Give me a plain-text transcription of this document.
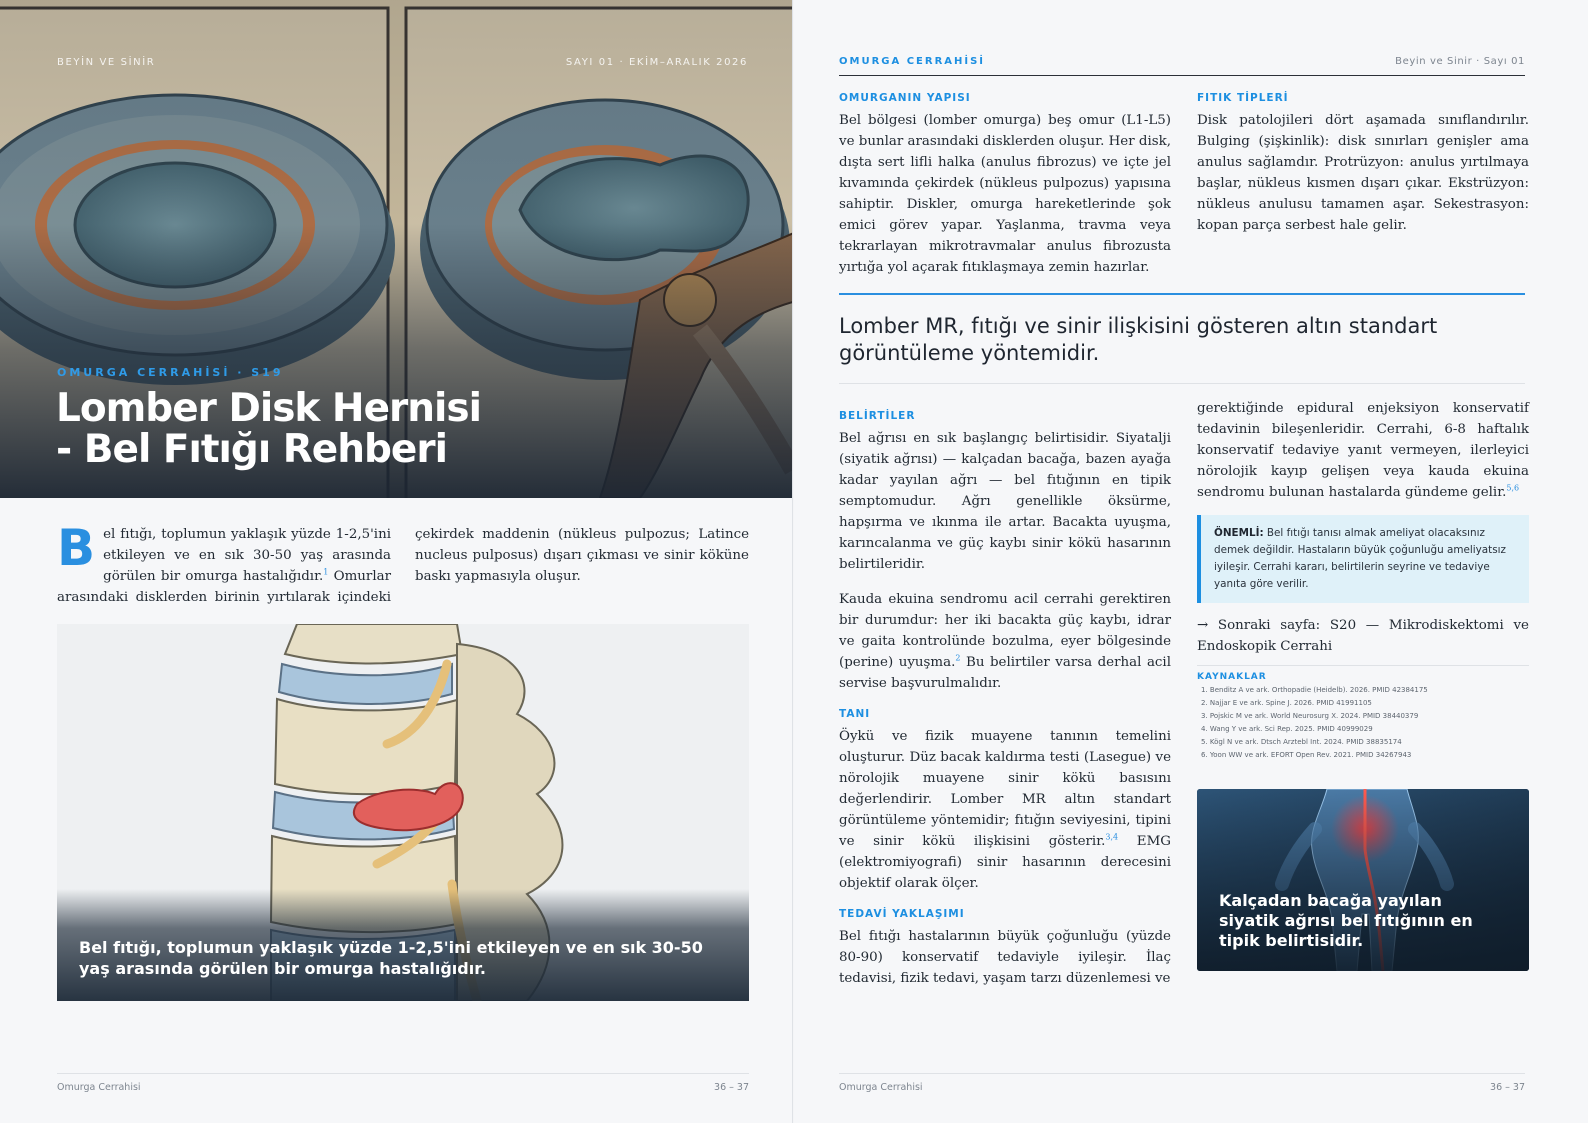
BEYİN VE SİNİR	SAYI 01 · EKİM–ARALIK 2026
OMURGA CERRAHİSİ · S19
Lomber Disk Hernisi
- Bel Fıtığı Rehberi
Bel fıtığı, toplumun yaklaşık yüzde 1-2,5'ini etkileyen ve en sık 30-50 yaş arasında görülen bir omurga hastalığıdır.$^1$ Omurlar arasındaki disklerden birinin yırtılarak içindeki çekirdek maddenin (nükleus pulpozus; Latince nucleus pulposus) dışarı çıkması ve sinir köküne baskı yapmasıyla oluşur.
Bel fıtığı, toplumun yaklaşık yüzde 1-2,5'ini etkileyen ve en sık 30-50 yaş arasında görülen bir omurga hastalığıdır.
Omurga Cerrahisi	36 – 37
OMURGA CERRAHİSİ	Beyin ve Sinir · Sayı 01
OMURGANIN YAPISI

Bel bölgesi (lomber omurga) beş omur (L1-L5) ve bunlar arasındaki disklerden oluşur. Her disk, dışta sert lifli halka (anulus fibrozus) ve içte jel kıvamında çekirdek (nükleus pulpozus) yapısına sahiptir. Diskler, omurga hareketlerinde şok emici görev yapar. Yaşlanma, travma veya tekrarlayan mikrotravmalar anulus fibrozusta yırtığa yol açarak fıtıklaşmaya zemin hazırlar.

FITIK TİPLERİ

Disk patolojileri dört aşamada sınıflandırılır. Bulging (şişkinlik): disk sınırları genişler ama anulus sağlamdır. Protrüzyon: anulus yırtılmaya başlar, nükleus kısmen dışarı çıkar. Ekstrüzyon: nükleus anulusu tamamen aşar. Sekestrasyon: kopan parça serbest hale gelir.

Lomber MR, fıtığı ve sinir ilişkisini gösteren altın standart görüntüleme yöntemidir.
BELİRTİLER

Bel ağrısı en sık başlangıç belirtisidir. Siyatalji (siyatik ağrısı) — kalçadan bacağa, bazen ayağa kadar yayılan ağrı — bel fıtığının en tipik semptomudur. Ağrı genellikle öksürme, hapşırma ve ıkınma ile artar. Bacakta uyuşma, karıncalanma ve güç kaybı sinir kökü hasarının belirtileridir.

Kauda ekuina sendromu acil cerrahi gerektiren bir durumdur: her iki bacakta güç kaybı, idrar ve gaita kontrolünde bozulma, eyer bölgesinde (perine) uyuşma.$^2$ Bu belirtiler varsa derhal acil servise başvurulmalıdır.

TANI

Öykü ve fizik muayene tanının temelini oluşturur. Düz bacak kaldırma testi (Lasegue) ve nörolojik muayene sinir kökü basısını değerlendirir. Lomber MR altın standart görüntüleme yöntemidir; fıtığın seviyesini, tipini ve sinir kökü ilişkisini gösterir.$^{3,4}$ EMG (elektromiyografi) sinir hasarının derecesini objektif olarak ölçer.

TEDAVİ YAKLAŞIMI

Bel fıtığı hastalarının büyük çoğunluğu (yüzde 80-90) konservatif tedaviyle iyileşir. İlaç tedavisi, fizik tedavi, yaşam tarzı düzenlemesi ve

gerektiğinde epidural enjeksiyon konservatif tedavinin bileşenleridir. Cerrahi, 6-8 haftalık konservatif tedaviye yanıt vermeyen, ilerleyici nörolojik kayıp gelişen veya kauda ekuina sendromu bulunan hastalarda gündeme gelir.$^{5,6}$

ÖNEMLİ: Bel fıtığı tanısı almak ameliyat olacaksınız demek değildir. Hastaların büyük çoğunluğu ameliyatsız iyileşir. Cerrahi kararı, belirtilerin seyrine ve tedaviye yanıta göre verilir.
→ Sonraki sayfa: S20 — Mikrodiskektomi ve Endoskopik Cerrahi
KAYNAKLAR
1. Benditz A ve ark. Orthopadie (Heidelb). 2026. PMID 42384175
2. Najjar E ve ark. Spine J. 2026. PMID 41991105
3. Pojskic M ve ark. World Neurosurg X. 2024. PMID 38440379
4. Wang Y ve ark. Sci Rep. 2025. PMID 40999029
5. Kögl N ve ark. Dtsch Arztebl Int. 2024. PMID 38835174
6. Yoon WW ve ark. EFORT Open Rev. 2021. PMID 34267943
Kalçadan bacağa yayılan siyatik ağrısı bel fıtığının en tipik belirtisidir.
Omurga Cerrahisi	36 – 37
